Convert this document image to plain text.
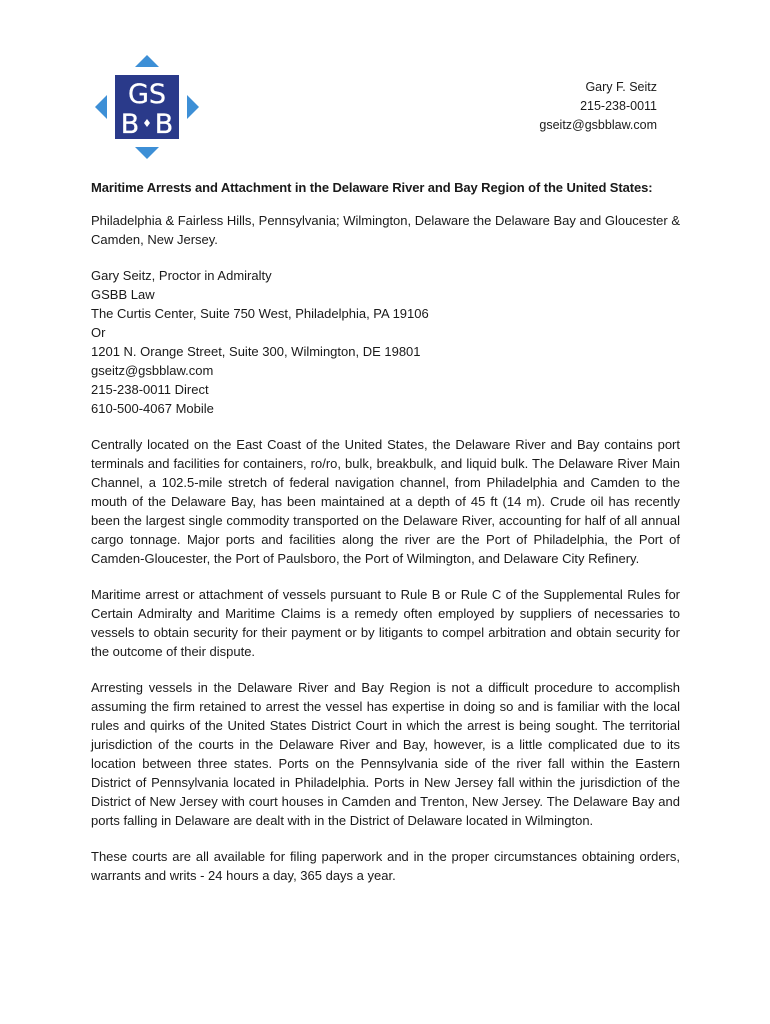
GS
B B
Gary F. Seitz
215-238-0011
gseitz@gsbblaw.com
Maritime Arrests and Attachment in the Delaware River and Bay Region of the United States:

Philadelphia & Fairless Hills, Pennsylvania; Wilmington, Delaware the Delaware Bay and Gloucester & Camden, New Jersey.

Gary Seitz, Proctor in Admiralty
GSBB Law
The Curtis Center, Suite 750 West, Philadelphia, PA 19106
Or
1201 N. Orange Street, Suite 300, Wilmington, DE 19801
gseitz@gsbblaw.com
215-238-0011 Direct
610-500-4067 Mobile

Centrally located on the East Coast of the United States, the Delaware River and Bay contains port terminals and facilities for containers, ro/ro, bulk, breakbulk, and liquid bulk. The Delaware River Main Channel, a 102.5-mile stretch of federal navigation channel, from Philadelphia and Camden to the mouth of the Delaware Bay, has been maintained at a depth of 45 ft (14 m). Crude oil has recently been the largest single commodity transported on the Delaware River, accounting for half of all annual cargo tonnage. Major ports and facilities along the river are the Port of Philadelphia, the Port of Camden-Gloucester, the Port of Paulsboro, the Port of Wilmington, and Delaware City Refinery.

Maritime arrest or attachment of vessels pursuant to Rule B or Rule C of the Supplemental Rules for Certain Admiralty and Maritime Claims is a remedy often employed by suppliers of necessaries to vessels to obtain security for their payment or by litigants to compel arbitration and obtain security for the outcome of their dispute.

Arresting vessels in the Delaware River and Bay Region is not a difficult procedure to accomplish assuming the firm retained to arrest the vessel has expertise in doing so and is familiar with the local rules and quirks of the United States District Court in which the arrest is being sought. The territorial jurisdiction of the courts in the Delaware River and Bay, however, is a little complicated due to its location between three states. Ports on the Pennsylvania side of the river fall within the Eastern District of Pennsylvania located in Philadelphia. Ports in New Jersey fall within the jurisdiction of the District of New Jersey with court houses in Camden and Trenton, New Jersey. The Delaware Bay and ports falling in Delaware are dealt with in the District of Delaware located in Wilmington.

These courts are all available for filing paperwork and in the proper circumstances obtaining orders, warrants and writs - 24 hours a day, 365 days a year.
